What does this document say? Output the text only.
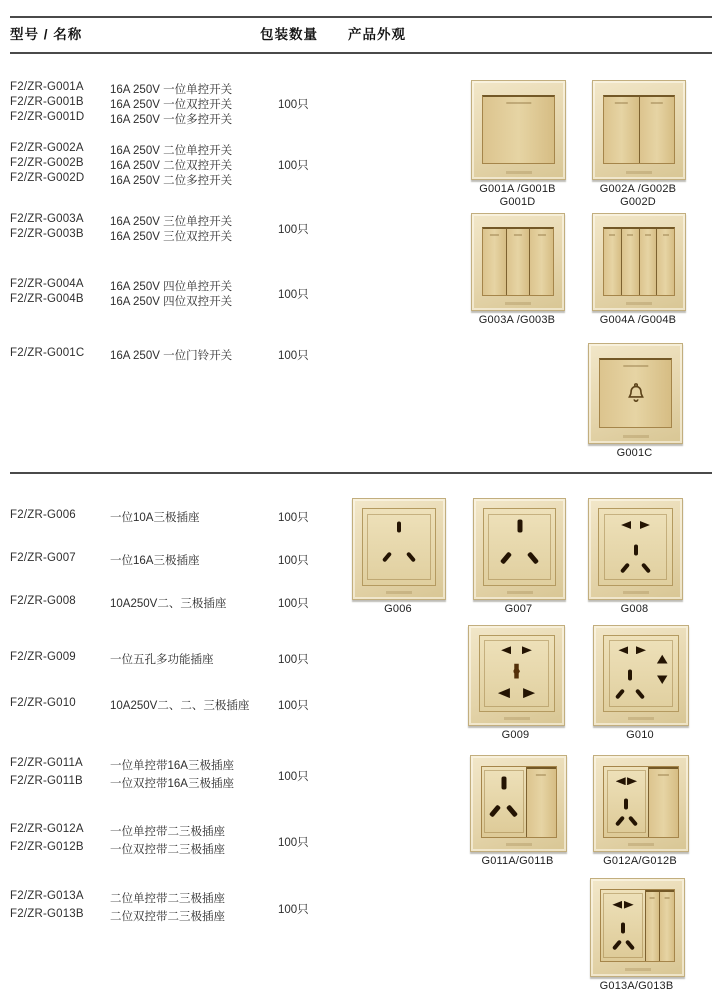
型号 / 名称	包装数量 产品外观
F2/ZR-G001A 16A 250V 一位单控开关
F2/ZR-G001B 16A 250V 一位双控开关
F2/ZR-G001D 16A 250V 一位多控开关
100只
F2/ZR-G002A 16A 250V 二位单控开关
F2/ZR-G002B 16A 250V 二位双控开关
F2/ZR-G002D 16A 250V 二位多控开关
100只
F2/ZR-G003A 16A 250V 三位单控开关
F2/ZR-G003B 16A 250V 三位双控开关
100只
F2/ZR-G004A 16A 250V 四位单控开关
F2/ZR-G004B 16A 250V 四位双控开关
100只
F2/ZR-G001C 16A 250V 一位门铃开关	100只
G001A /G001B
G001D
G002A /G002B
G002D
G003A /G003B	G004A /G004B
G001C
F2/ZR-G006	一位10A三极插座	100只
F2/ZR-G007	一位16A三极插座	100只
F2/ZR-G008	10A250V二、三极插座	100只
F2/ZR-G009	一位五孔多功能插座	100只
F2/ZR-G010	10A250V二、二、三极插座 100只
G006	G007	G008
G009	G010
F2/ZR-G011A 一位单控带16A三极插座
F2/ZR-G011B 一位双控带16A三极插座
100只
F2/ZR-G012A 一位单控带二三极插座
F2/ZR-G012B 一位双控带二三极插座
100只
F2/ZR-G013A 二位单控带二三极插座
F2/ZR-G013B 二位双控带二三极插座
100只
G011A/G011B	G012A/G012B
G013A/G013B
